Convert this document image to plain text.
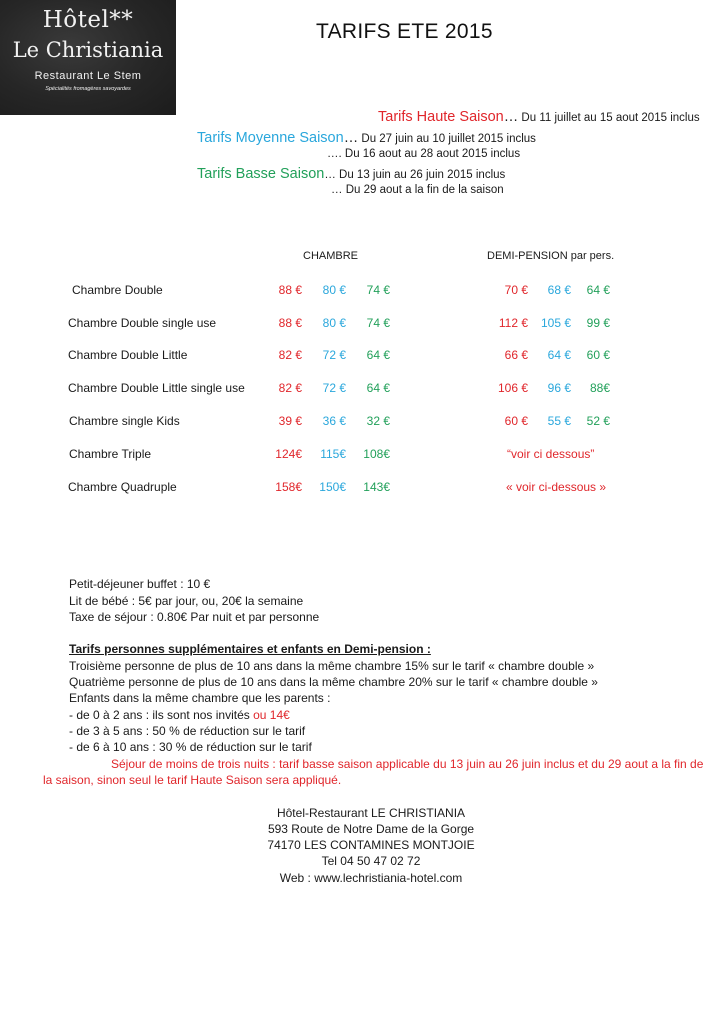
Hôtel**
Le Christiania
Restaurant Le Stem
Spécialités fromagères savoyardes
TARIFS ETE 2015
Tarifs Haute Saison… Du 11 juillet au 15 aout 2015 inclus
Tarifs Moyenne Saison… Du 27 juin au 10 juillet 2015 inclus
…. Du 16 aout au 28 aout 2015 inclus
Tarifs Basse Saison… Du 13 juin au 26 juin 2015 inclus
… Du 29 aout a la fin de la saison
CHAMBRE	DEMI-PENSION par pers.
Chambre Double	88 €	80 €	74 €	70 €	68 €	64 €
Chambre Double single use	88 €	80 €	74 €	112 €	105 €	99 €
Chambre Double Little	82 €	72 €	64 €	66 €	64 €	60 €
Chambre Double Little single use	82 €	72 €	64 €	106 €	96 €	88€
Chambre single Kids	39 €	36 €	32 €	60 €	55 €	52 €
Chambre Triple	124€	115€	108€	“voir ci dessous”
Chambre Quadruple	158€	150€	143€	« voir ci-dessous »
Petit-déjeuner buffet : 10 €
Lit de bébé : 5€ par jour, ou, 20€ la semaine
Taxe de séjour : 0.80€ Par nuit et par personne
Tarifs personnes supplémentaires et enfants en Demi-pension :
Troisième personne de plus de 10 ans dans la même chambre 15% sur le tarif « chambre double »
Quatrième personne de plus de 10 ans dans la même chambre 20% sur le tarif « chambre double »
Enfants dans la même chambre que les parents :
- de 0 à 2 ans : ils sont nos invités ou 14€
- de 3 à 5 ans : 50 % de réduction sur le tarif
- de 6 à 10 ans : 30 % de réduction sur le tarif
Séjour de moins de trois nuits : tarif basse saison applicable du 13 juin au 26 juin inclus et du 29 aout a la fin de
la saison, sinon seul le tarif Haute Saison sera appliqué.
Hôtel-Restaurant LE CHRISTIANIA
593 Route de Notre Dame de la Gorge
74170 LES CONTAMINES MONTJOIE
Tel 04 50 47 02 72
Web : www.lechristiania-hotel.com
